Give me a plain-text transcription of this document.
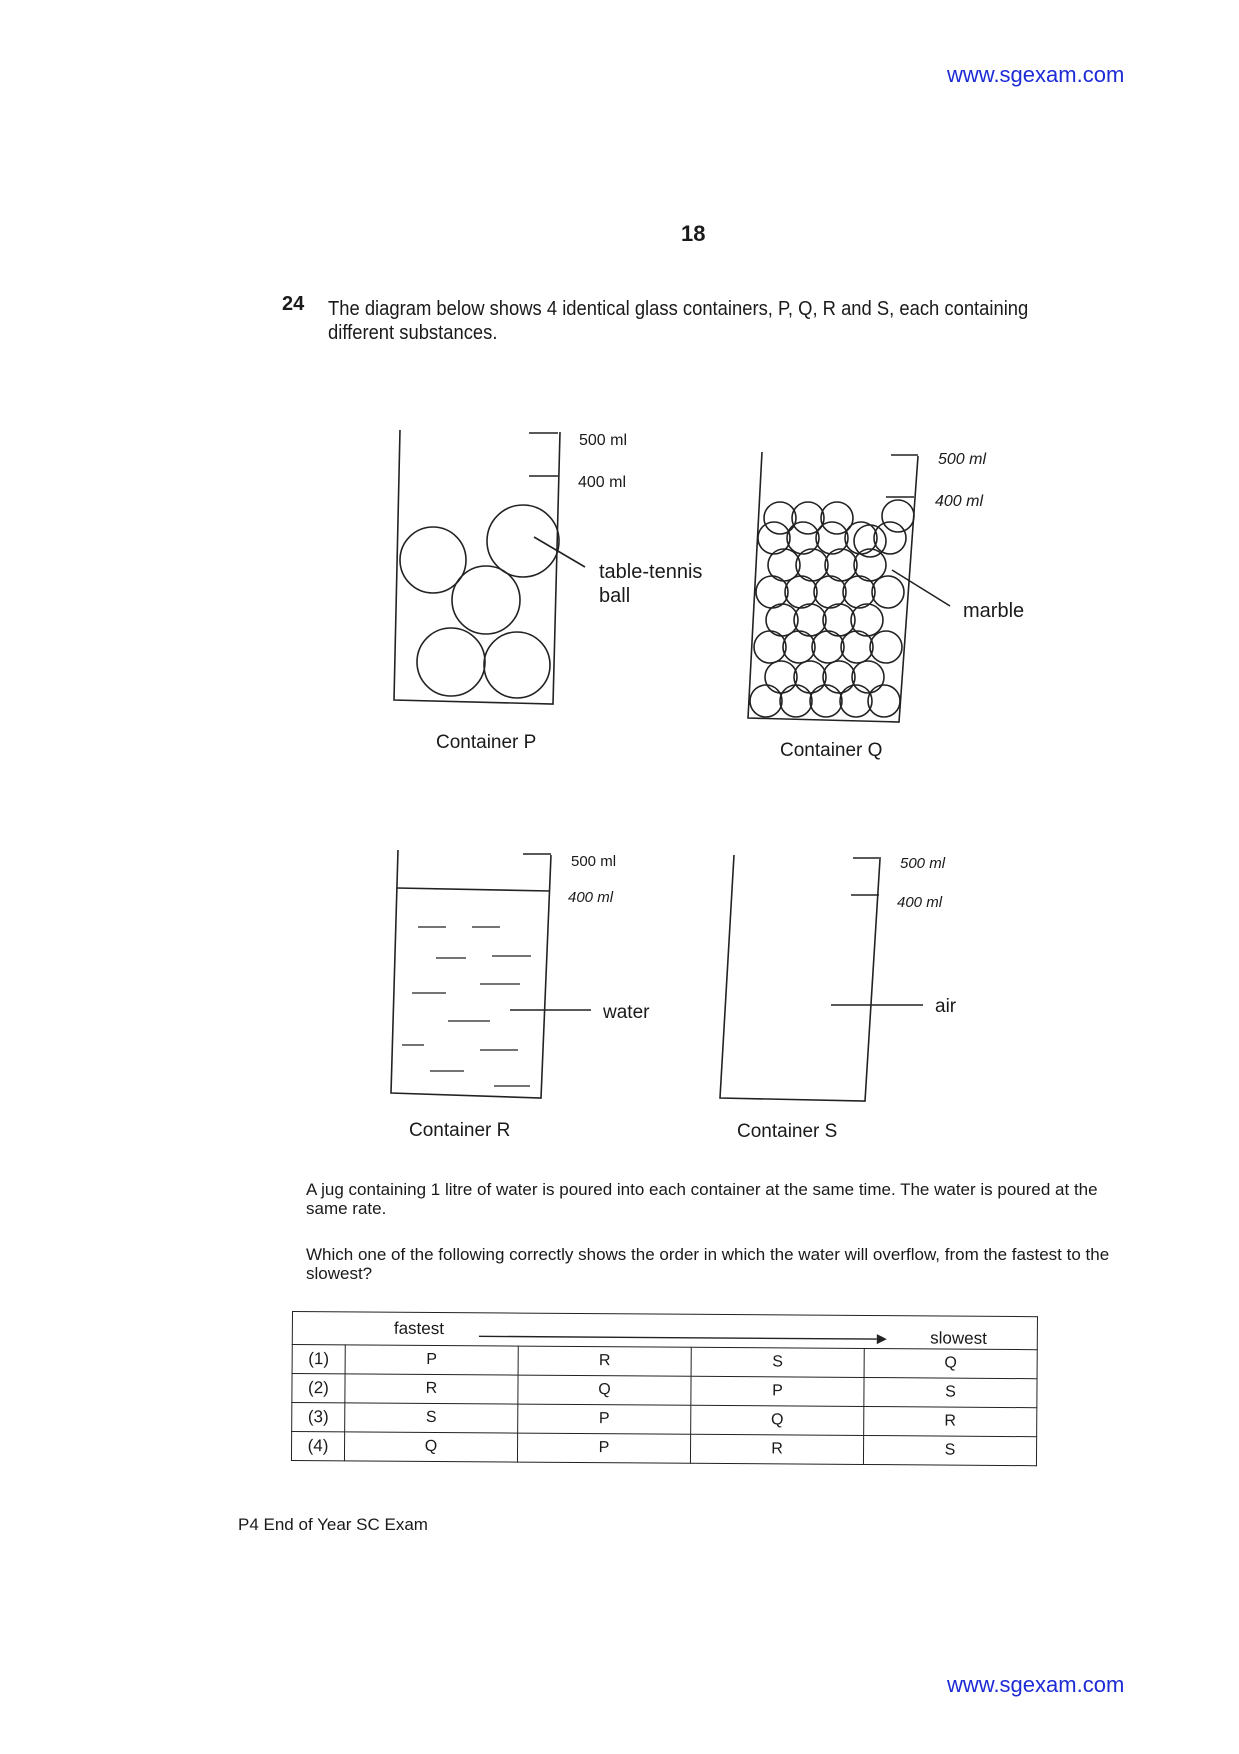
www.sgexam.com
18
24 The diagram below shows 4 identical glass containers, P, Q, R and S, each containing different substances.
500 ml
400 ml
table-tennis
ball
Container P
500 ml
400 ml
marble
Container Q
500 ml
400 ml
water
Container R
500 ml
400 ml
air
Container S
A jug containing 1 litre of water is poured into each container at the same time. The water is poured at the same rate.
Which one of the following correctly shows the order in which the water will overflow, from the fastest to the slowest?
fastest
slowest				

(1)	P	R	S	Q
(2)	R	Q	P	S
(3)	S	P	Q	R
(4)	Q	P	R	S
P4 End of Year SC Exam
www.sgexam.com
